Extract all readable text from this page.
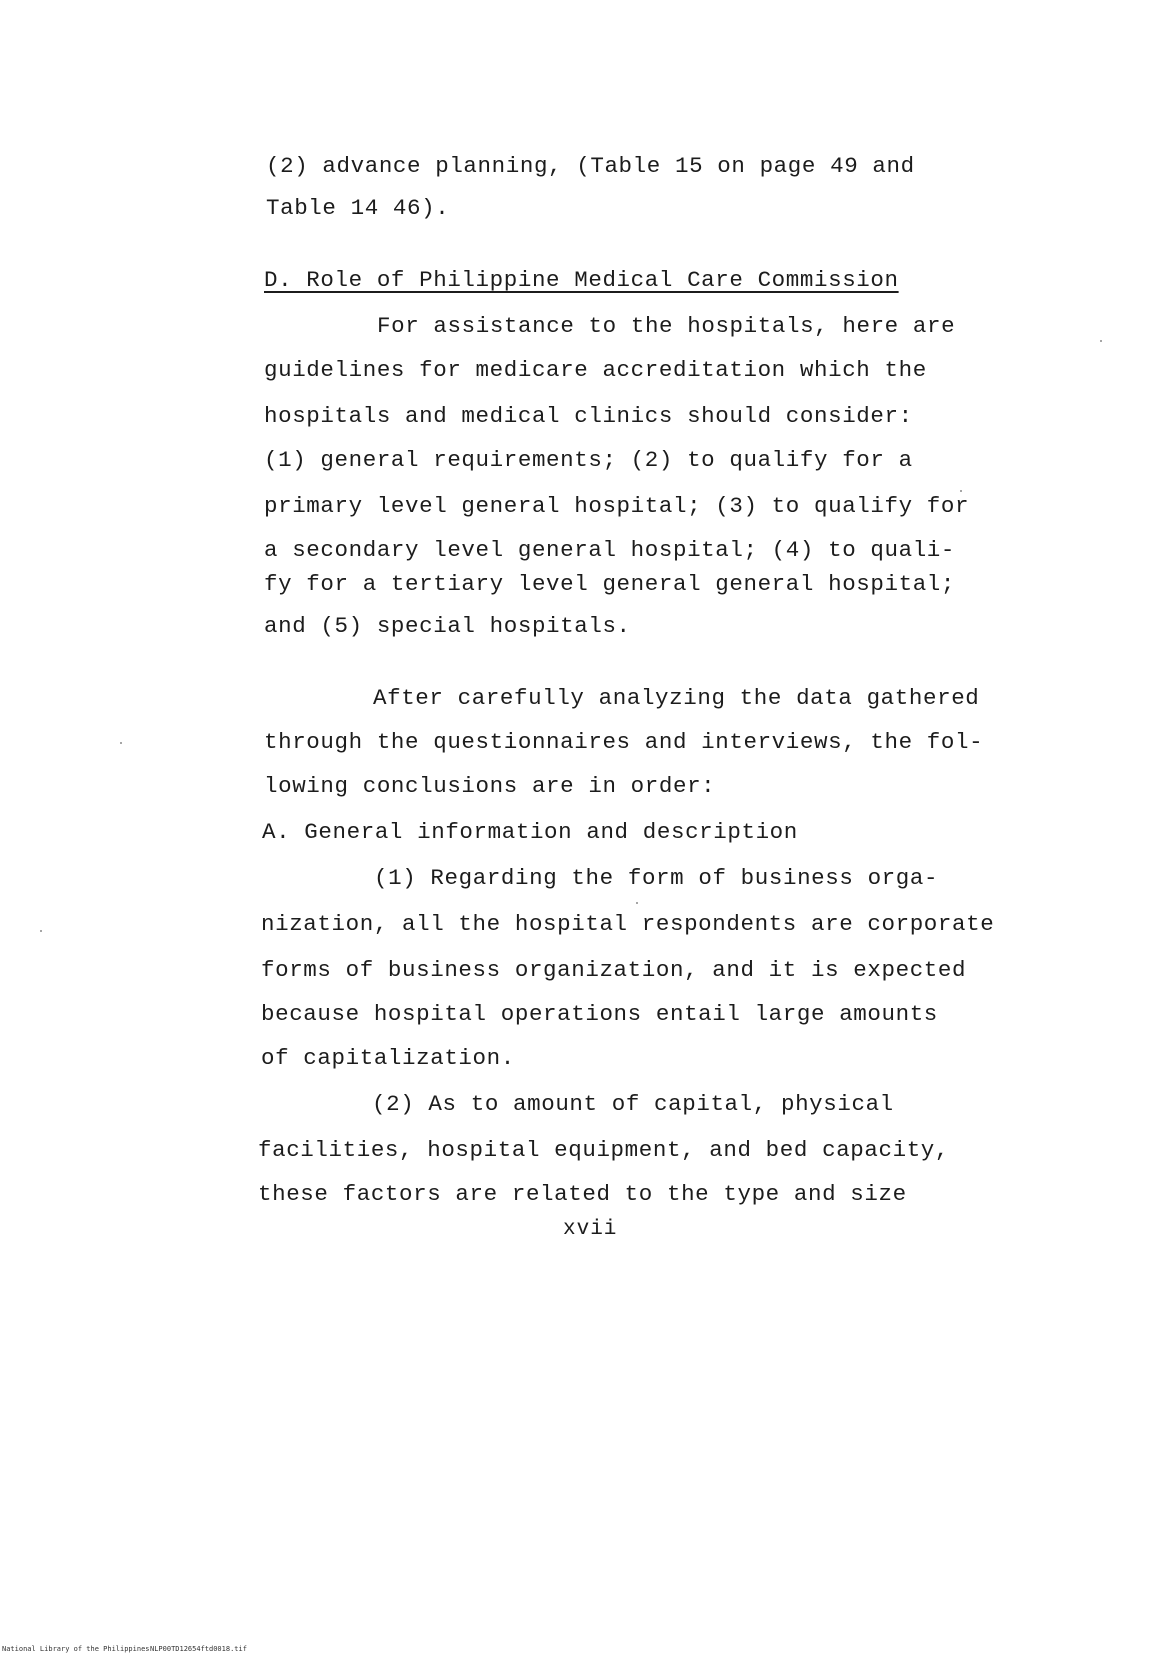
(2) advance planning, (Table 15 on page 49 and
Table 14 46).
D. Role of Philippine Medical Care Commission
For assistance to the hospitals, here are
guidelines for medicare accreditation which the
hospitals and medical clinics should consider:
(1) general requirements; (2) to qualify for a
primary level general hospital; (3) to qualify for
a secondary level general hospital; (4) to quali-
fy for a tertiary level general general hospital;
and (5) special hospitals.
After carefully analyzing the data gathered
through the questionnaires and interviews, the fol-
lowing conclusions are in order:
A. General information and description
(1) Regarding the form of business orga-
nization, all the hospital respondents are corporate
forms of business organization, and it is expected
because hospital operations entail large amounts
of capitalization.
(2) As to amount of capital, physical
facilities, hospital equipment, and bed capacity,
these factors are related to the type and size
xvii
National Library of the Philippines NLP00TD12654ftd0018.tif
